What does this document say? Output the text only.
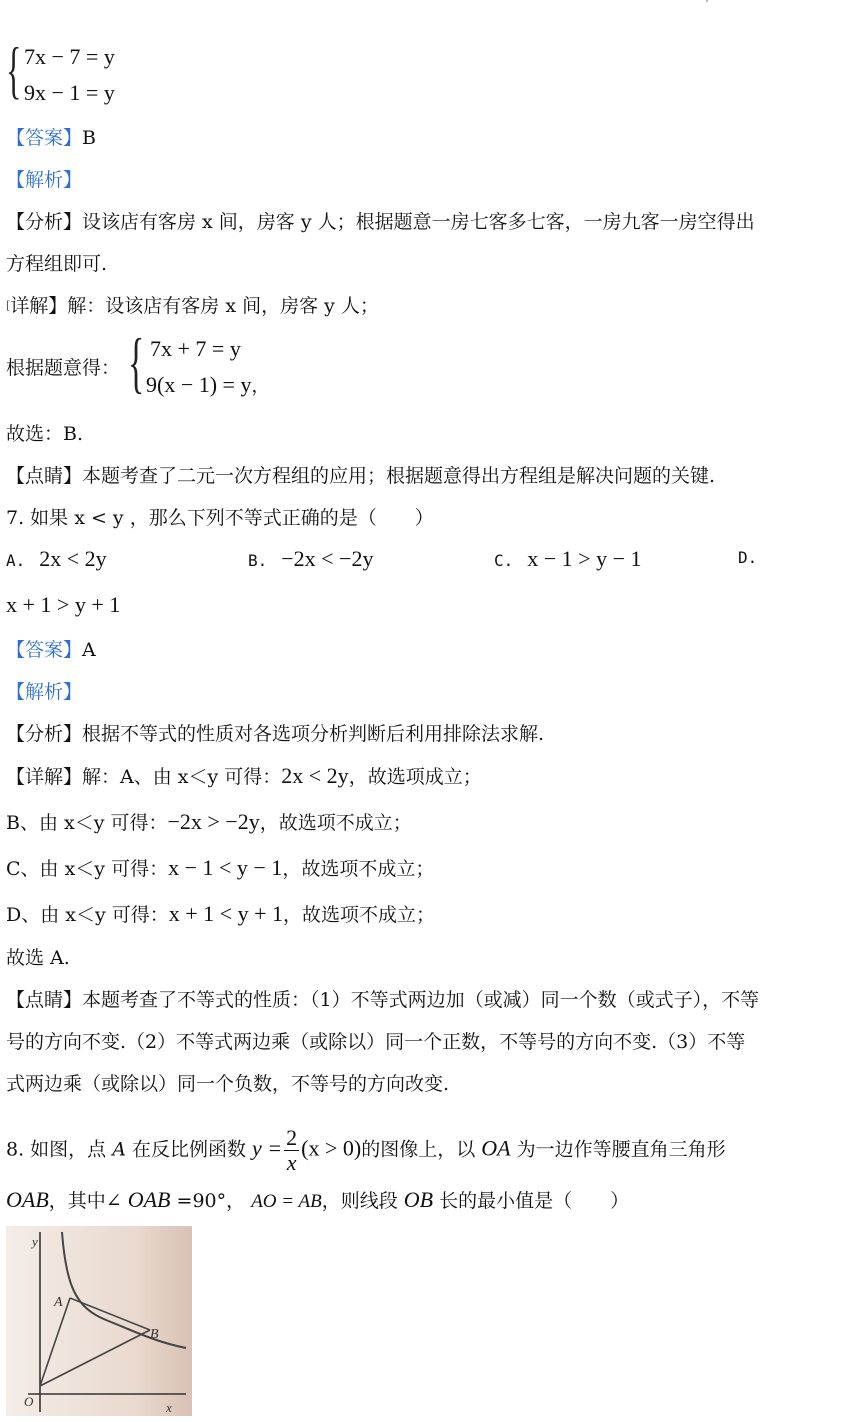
{ 7x − 7 = y
9x − 1 = y
【答案】B
【解析】
【分析】设该店有客房 x 间，房客 y 人；根据题意一房七客多七客，一房九客一房空得出
方程组即可.
[详解】解：设该店有客房 x 间，房客 y 人；
根据题意得： { 7x + 7 = y
9(x − 1) = y，
故选：B.
【点睛】本题考查了二元一次方程组的应用；根据题意得出方程组是解决问题的关键.
7. 如果 x < y ，那么下列不等式正确的是（　　）
A. 2x < 2y	B. −2x < −2y	C. x − 1 > y − 1	D.
x + 1 > y + 1
【答案】A
【解析】
【分析】根据不等式的性质对各选项分析判断后利用排除法求解.
【详解】解：A、由 x＜y 可得：2x < 2y，故选项成立；
B、由 x＜y 可得：−2x > −2y，故选项不成立；
C、由 x＜y 可得：x − 1 < y − 1，故选项不成立；
D、由 x＜y 可得：x + 1 < y + 1，故选项不成立；
故选 A.
【点睛】本题考查了不等式的性质：（1）不等式两边加（或减）同一个数（或式子），不等
号的方向不变.（2）不等式两边乘（或除以）同一个正数，不等号的方向不变.（3）不等
式两边乘（或除以）同一个负数，不等号的方向改变.
8. 如图，点 A 在反比例函数 $y = \frac{2}{x} (x > 0)$的图像上，以 OA 为一边作等腰直角三角形
OAB，其中∠ OAB =90°， AO = AB，则线段 OB 长的最小值是（　　）
y
A
B
O	x
